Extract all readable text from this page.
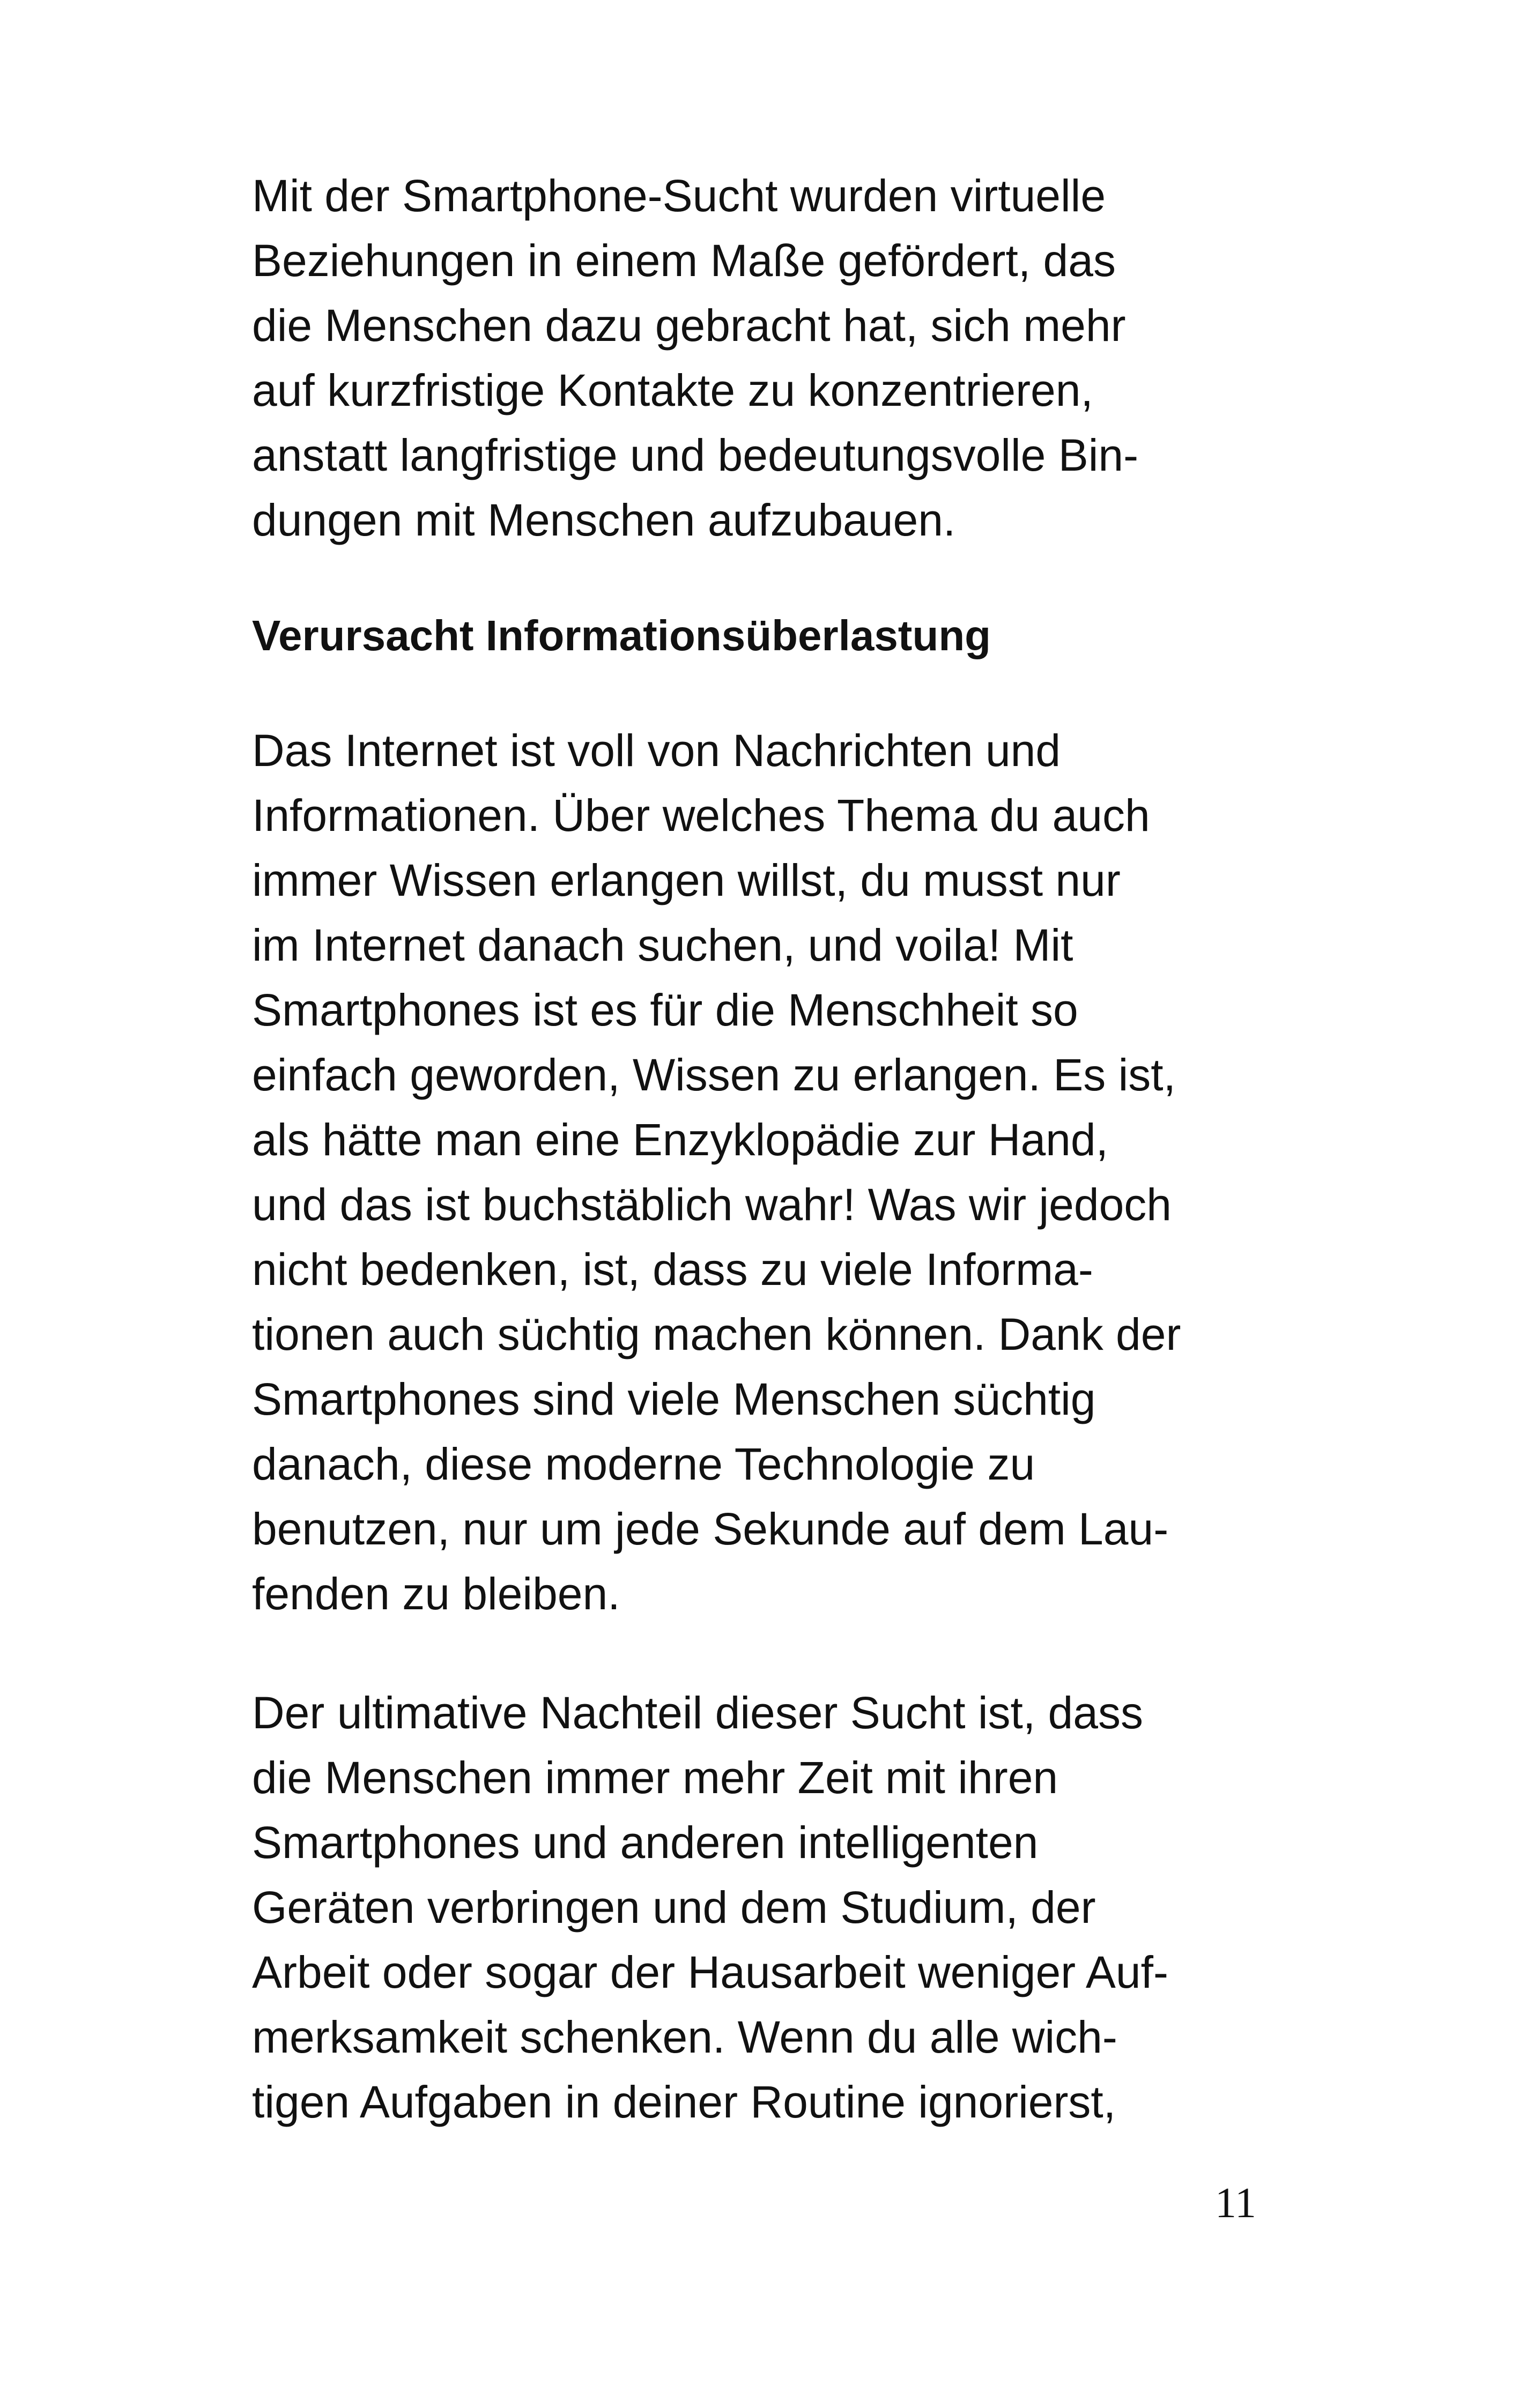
Mit der Smartphone-Sucht wurden virtuelle
Beziehungen in einem Maße gefördert, das
die Menschen dazu gebracht hat, sich mehr
auf kurzfristige Kontakte zu konzentrieren,
anstatt langfristige und bedeutungsvolle Bin-
dungen mit Menschen aufzubauen.
Verursacht Informationsüberlastung
Das Internet ist voll von Nachrichten und
Informationen. Über welches Thema du auch
immer Wissen erlangen willst, du musst nur
im Internet danach suchen, und voila! Mit
Smartphones ist es für die Menschheit so
einfach geworden, Wissen zu erlangen. Es ist,
als hätte man eine Enzyklopädie zur Hand,
und das ist buchstäblich wahr! Was wir jedoch
nicht bedenken, ist, dass zu viele Informa-
tionen auch süchtig machen können. Dank der
Smartphones sind viele Menschen süchtig
danach, diese moderne Technologie zu
benutzen, nur um jede Sekunde auf dem Lau-
fenden zu bleiben.
Der ultimative Nachteil dieser Sucht ist, dass
die Menschen immer mehr Zeit mit ihren
Smartphones und anderen intelligenten
Geräten verbringen und dem Studium, der
Arbeit oder sogar der Hausarbeit weniger Auf-
merksamkeit schenken. Wenn du alle wich-
tigen Aufgaben in deiner Routine ignorierst,
11
